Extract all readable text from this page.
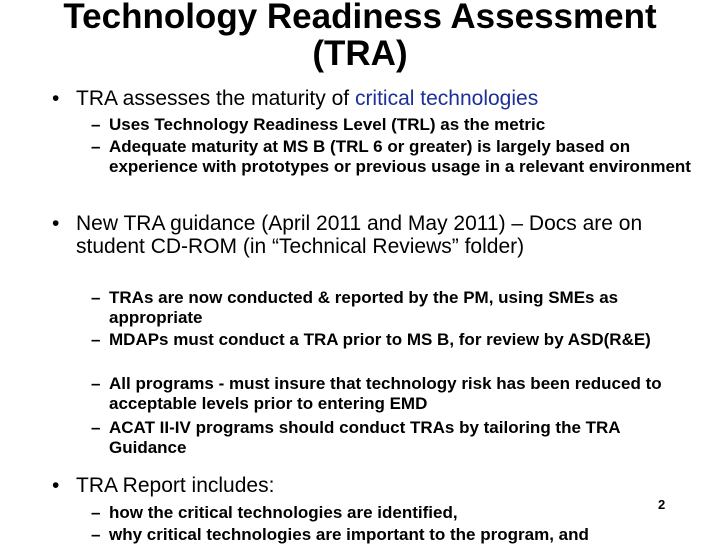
Technology Readiness Assessment
(TRA)
• TRA assesses the maturity of critical technologies
– Uses Technology Readiness Level (TRL) as the metric
– Adequate maturity at MS B (TRL 6 or greater) is largely based on experience with prototypes or previous usage in a relevant environment
• New TRA guidance (April 2011 and May 2011) – Docs are on student CD-ROM (in “Technical Reviews” folder)
– TRAs are now conducted & reported by the PM, using SMEs as appropriate
– MDAPs must conduct a TRA prior to MS B, for review by ASD(R&E)
– All programs - must insure that technology risk has been reduced to acceptable levels prior to entering EMD
– ACAT II-IV programs should conduct TRAs by tailoring the TRA Guidance
• TRA Report includes:
– how the critical technologies are identified,
– why critical technologies are important to the program, and
2
